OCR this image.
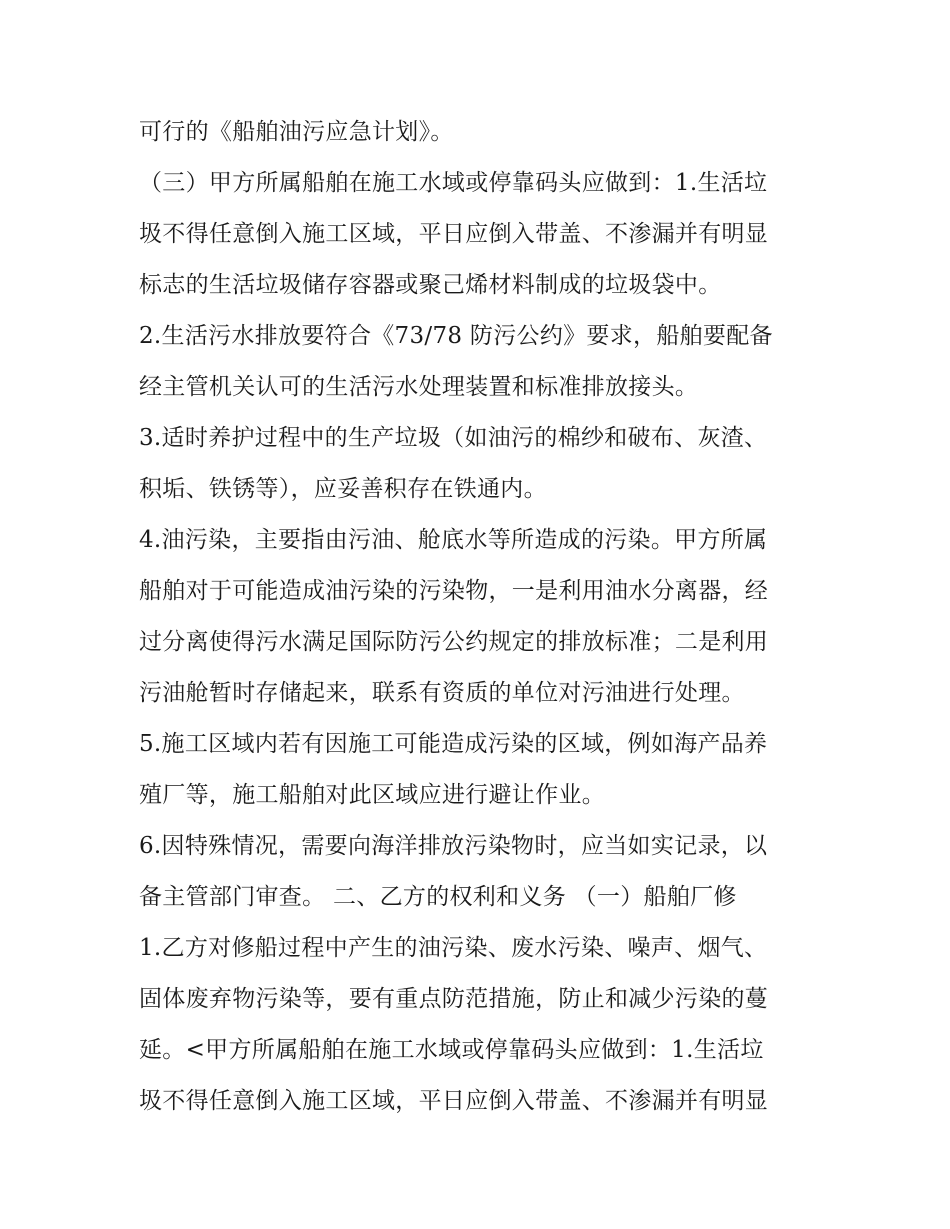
可行的《船舶油污应急计划》。
（三）甲方所属船舶在施工水域或停靠码头应做到：1.生活垃
圾不得任意倒入施工区域，平日应倒入带盖、不渗漏并有明显
标志的生活垃圾储存容器或聚己烯材料制成的垃圾袋中。
2.生活污水排放要符合《73/78 防污公约》要求，船舶要配备
经主管机关认可的生活污水处理装置和标准排放接头。
3.适时养护过程中的生产垃圾（如油污的棉纱和破布、灰渣、
积垢、铁锈等），应妥善积存在铁通内。
4.油污染，主要指由污油、舱底水等所造成的污染。甲方所属
船舶对于可能造成油污染的污染物，一是利用油水分离器，经
过分离使得污水满足国际防污公约规定的排放标准；二是利用
污油舱暂时存储起来，联系有资质的单位对污油进行处理。
5.施工区域内若有因施工可能造成污染的区域，例如海产品养
殖厂等，施工船舶对此区域应进行避让作业。
6.因特殊情况，需要向海洋排放污染物时，应当如实记录，以
备主管部门审查。 二、乙方的权利和义务 （一）船舶厂修
1.乙方对修船过程中产生的油污染、废水污染、噪声、烟气、
固体废弃物污染等，要有重点防范措施，防止和减少污染的蔓
延。<甲方所属船舶在施工水域或停靠码头应做到：1.生活垃
圾不得任意倒入施工区域，平日应倒入带盖、不渗漏并有明显
